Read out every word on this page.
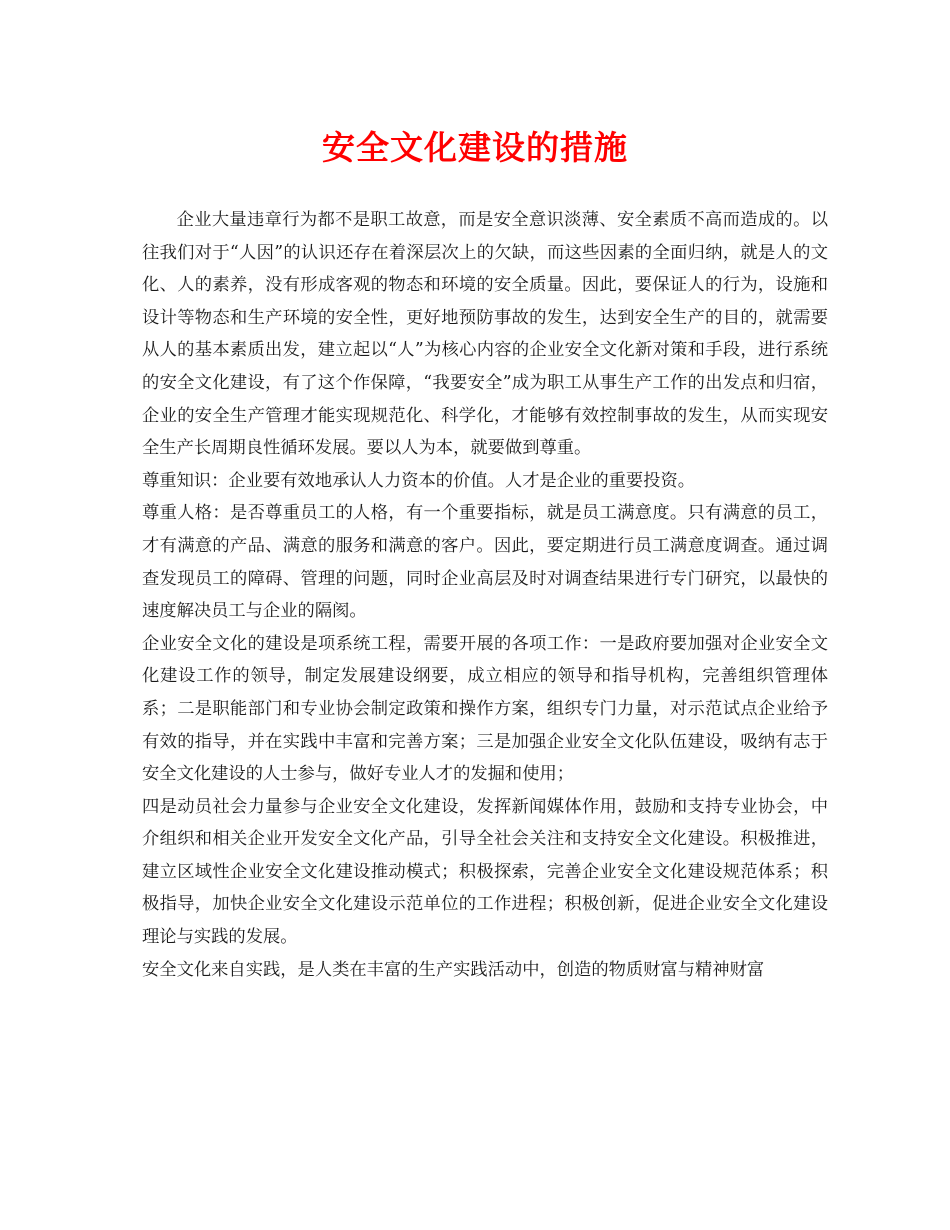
安全文化建设的措施

企业大量违章行为都不是职工故意，而是安全意识淡薄、安全素质不高而造成的。以往我们对于“人因”的认识还存在着深层次上的欠缺，而这些因素的全面归纳，就是人的文化、人的素养，没有形成客观的物态和环境的安全质量。因此，要保证人的行为，设施和设计等物态和生产环境的安全性，更好地预防事故的发生，达到安全生产的目的，就需要从人的基本素质出发，建立起以“人”为核心内容的企业安全文化新对策和手段，进行系统的安全文化建设，有了这个作保障，“我要安全”成为职工从事生产工作的出发点和归宿，企业的安全生产管理才能实现规范化、科学化，才能够有效控制事故的发生，从而实现安全生产长周期良性循环发展。要以人为本，就要做到尊重。

尊重知识：企业要有效地承认人力资本的价值。人才是企业的重要投资。

尊重人格：是否尊重员工的人格，有一个重要指标，就是员工满意度。只有满意的员工，才有满意的产品、满意的服务和满意的客户。因此，要定期进行员工满意度调查。通过调查发现员工的障碍、管理的问题，同时企业高层及时对调查结果进行专门研究，以最快的速度解决员工与企业的隔阂。

企业安全文化的建设是项系统工程，需要开展的各项工作：一是政府要加强对企业安全文化建设工作的领导，制定发展建设纲要，成立相应的领导和指导机构，完善组织管理体系；二是职能部门和专业协会制定政策和操作方案，组织专门力量，对示范试点企业给予有效的指导，并在实践中丰富和完善方案；三是加强企业安全文化队伍建设，吸纳有志于安全文化建设的人士参与，做好专业人才的发掘和使用；

四是动员社会力量参与企业安全文化建设，发挥新闻媒体作用，鼓励和支持专业协会，中介组织和相关企业开发安全文化产品，引导全社会关注和支持安全文化建设。积极推进，建立区域性企业安全文化建设推动模式；积极探索，完善企业安全文化建设规范体系；积极指导，加快企业安全文化建设示范单位的工作进程；积极创新，促进企业安全文化建设理论与实践的发展。

安全文化来自实践，是人类在丰富的生产实践活动中，创造的物质财富与精神财富
